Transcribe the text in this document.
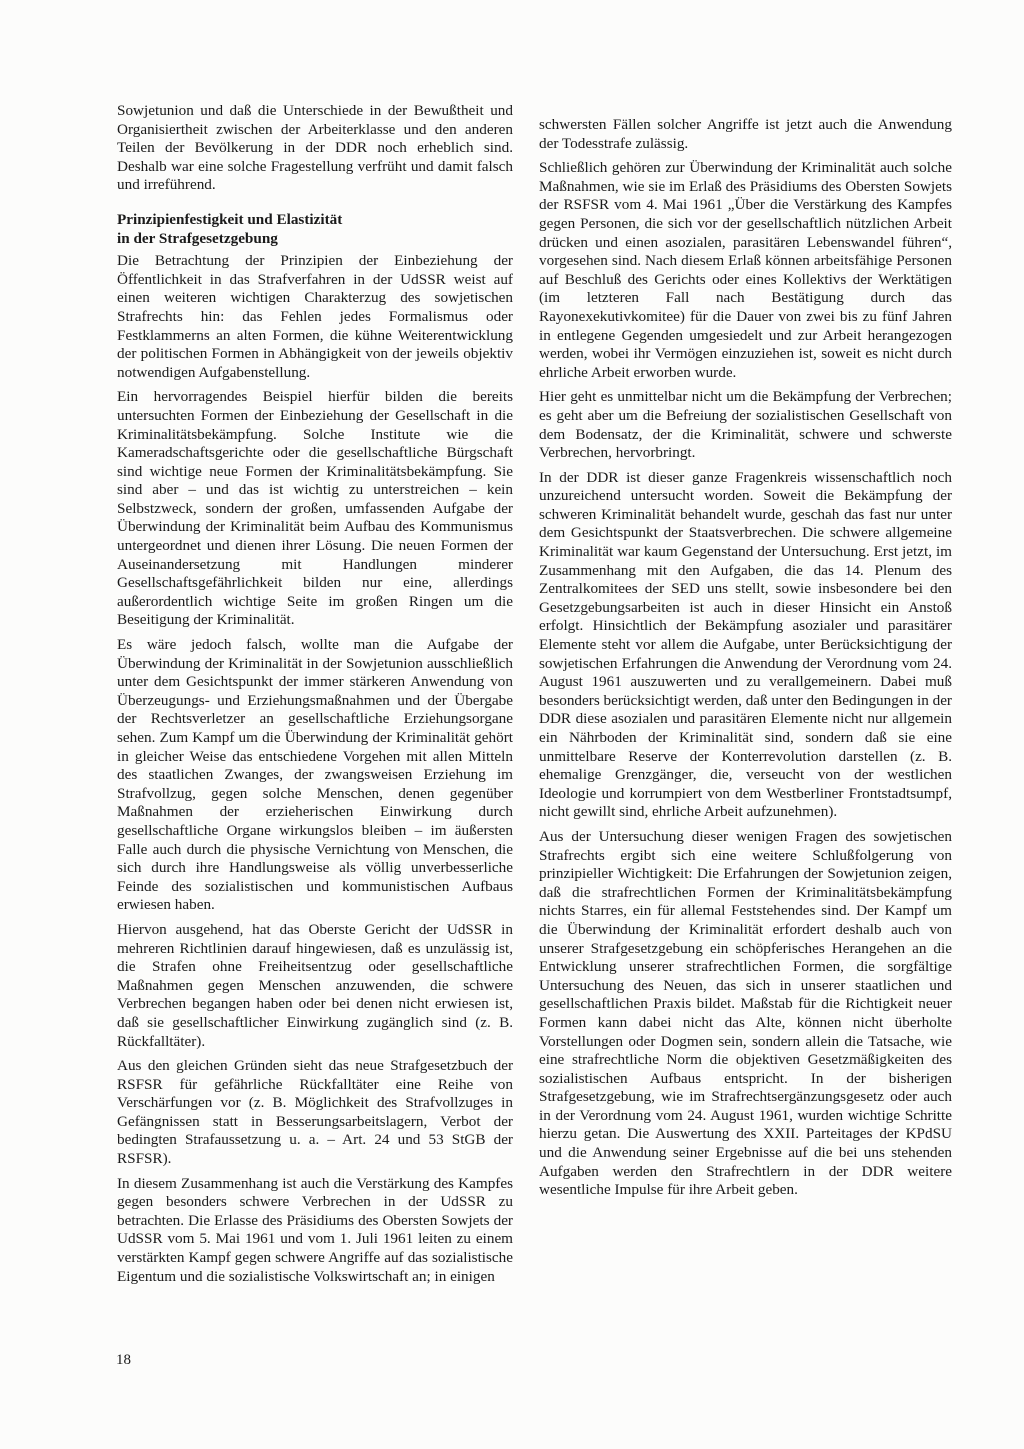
Sowjetunion und daß die Unterschiede in der Bewußtheit und Organisiertheit zwischen der Arbeiterklasse und den anderen Teilen der Bevölkerung in der DDR noch erheblich sind. Deshalb war eine solche Fragestellung verfrüht und damit falsch und irreführend.

Prinzipienfestigkeit und Elastizität
in der Strafgesetzgebung

Die Betrachtung der Prinzipien der Einbeziehung der Öffentlichkeit in das Strafverfahren in der UdSSR weist auf einen weiteren wichtigen Charakterzug des sowjetischen Strafrechts hin: das Fehlen jedes Formalismus oder Festklammerns an alten Formen, die kühne Weiterentwicklung der politischen Formen in Abhängigkeit von der jeweils objektiv notwendigen Aufgabenstellung.

Ein hervorragendes Beispiel hierfür bilden die bereits untersuchten Formen der Einbeziehung der Gesellschaft in die Kriminalitätsbekämpfung. Solche Institute wie die Kameradschaftsgerichte oder die gesellschaftliche Bürgschaft sind wichtige neue Formen der Kriminalitätsbekämpfung. Sie sind aber – und das ist wichtig zu unterstreichen – kein Selbstzweck, sondern der großen, umfassenden Aufgabe der Überwindung der Kriminalität beim Aufbau des Kommunismus untergeordnet und dienen ihrer Lösung. Die neuen Formen der Auseinandersetzung mit Handlungen minderer Gesellschaftsgefährlichkeit bilden nur eine, allerdings außerordentlich wichtige Seite im großen Ringen um die Beseitigung der Kriminalität.

Es wäre jedoch falsch, wollte man die Aufgabe der Überwindung der Kriminalität in der Sowjetunion ausschließlich unter dem Gesichtspunkt der immer stärkeren Anwendung von Überzeugungs- und Erziehungsmaßnahmen und der Übergabe der Rechtsverletzer an gesellschaftliche Erziehungsorgane sehen. Zum Kampf um die Überwindung der Kriminalität gehört in gleicher Weise das entschiedene Vorgehen mit allen Mitteln des staatlichen Zwanges, der zwangsweisen Erziehung im Strafvollzug, gegen solche Menschen, denen gegenüber Maßnahmen der erzieherischen Einwirkung durch gesellschaftliche Organe wirkungslos bleiben – im äußersten Falle auch durch die physische Vernichtung von Menschen, die sich durch ihre Handlungsweise als völlig unverbesserliche Feinde des sozialistischen und kommunistischen Aufbaus erwiesen haben.

Hiervon ausgehend, hat das Oberste Gericht der UdSSR in mehreren Richtlinien darauf hingewiesen, daß es unzulässig ist, die Strafen ohne Freiheitsentzug oder gesellschaftliche Maßnahmen gegen Menschen anzuwenden, die schwere Verbrechen begangen haben oder bei denen nicht erwiesen ist, daß sie gesellschaftlicher Einwirkung zugänglich sind (z. B. Rückfalltäter).

Aus den gleichen Gründen sieht das neue Strafgesetzbuch der RSFSR für gefährliche Rückfalltäter eine Reihe von Verschärfungen vor (z. B. Möglichkeit des Strafvollzuges in Gefängnissen statt in Besserungsarbeitslagern, Verbot der bedingten Strafaussetzung u. a. – Art. 24 und 53 StGB der RSFSR).

In diesem Zusammenhang ist auch die Verstärkung des Kampfes gegen besonders schwere Verbrechen in der UdSSR zu betrachten. Die Erlasse des Präsidiums des Obersten Sowjets der UdSSR vom 5. Mai 1961 und vom 1. Juli 1961 leiten zu einem verstärkten Kampf gegen schwere Angriffe auf das sozialistische Eigentum und die sozialistische Volkswirtschaft an; in einigen

schwersten Fällen solcher Angriffe ist jetzt auch die Anwendung der Todesstrafe zulässig.

Schließlich gehören zur Überwindung der Kriminalität auch solche Maßnahmen, wie sie im Erlaß des Präsidiums des Obersten Sowjets der RSFSR vom 4. Mai 1961 „Über die Verstärkung des Kampfes gegen Personen, die sich vor der gesellschaftlich nützlichen Arbeit drücken und einen asozialen, parasitären Lebenswandel führen“, vorgesehen sind. Nach diesem Erlaß können arbeitsfähige Personen auf Beschluß des Gerichts oder eines Kollektivs der Werktätigen (im letzteren Fall nach Bestätigung durch das Rayonexekutivkomitee) für die Dauer von zwei bis zu fünf Jahren in entlegene Gegenden umgesiedelt und zur Arbeit herangezogen werden, wobei ihr Vermögen einzuziehen ist, soweit es nicht durch ehrliche Arbeit erworben wurde.

Hier geht es unmittelbar nicht um die Bekämpfung der Verbrechen; es geht aber um die Befreiung der sozialistischen Gesellschaft von dem Bodensatz, der die Kriminalität, schwere und schwerste Verbrechen, hervorbringt.

In der DDR ist dieser ganze Fragenkreis wissenschaftlich noch unzureichend untersucht worden. Soweit die Bekämpfung der schweren Kriminalität behandelt wurde, geschah das fast nur unter dem Gesichtspunkt der Staatsverbrechen. Die schwere allgemeine Kriminalität war kaum Gegenstand der Untersuchung. Erst jetzt, im Zusammenhang mit den Aufgaben, die das 14. Plenum des Zentralkomitees der SED uns stellt, sowie insbesondere bei den Gesetzgebungsarbeiten ist auch in dieser Hinsicht ein Anstoß erfolgt. Hinsichtlich der Bekämpfung asozialer und parasitärer Elemente steht vor allem die Aufgabe, unter Berücksichtigung der sowjetischen Erfahrungen die Anwendung der Verordnung vom 24. August 1961 auszuwerten und zu verallgemeinern. Dabei muß besonders berücksichtigt werden, daß unter den Bedingungen in der DDR diese asozialen und parasitären Elemente nicht nur allgemein ein Nährboden der Kriminalität sind, sondern daß sie eine unmittelbare Reserve der Konterrevolution darstellen (z. B. ehemalige Grenzgänger, die, verseucht von der westlichen Ideologie und korrumpiert von dem Westberliner Frontstadtsumpf, nicht gewillt sind, ehrliche Arbeit aufzunehmen).

Aus der Untersuchung dieser wenigen Fragen des sowjetischen Strafrechts ergibt sich eine weitere Schlußfolgerung von prinzipieller Wichtigkeit: Die Erfahrungen der Sowjetunion zeigen, daß die strafrechtlichen Formen der Kriminalitätsbekämpfung nichts Starres, ein für allemal Feststehendes sind. Der Kampf um die Überwindung der Kriminalität erfordert deshalb auch von unserer Strafgesetzgebung ein schöpferisches Herangehen an die Entwicklung unserer strafrechtlichen Formen, die sorgfältige Untersuchung des Neuen, das sich in unserer staatlichen und gesellschaftlichen Praxis bildet. Maßstab für die Richtigkeit neuer Formen kann dabei nicht das Alte, können nicht überholte Vorstellungen oder Dogmen sein, sondern allein die Tatsache, wie eine strafrechtliche Norm die objektiven Gesetzmäßigkeiten des sozialistischen Aufbaus entspricht. In der bisherigen Strafgesetzgebung, wie im Strafrechtsergänzungsgesetz oder auch in der Verordnung vom 24. August 1961, wurden wichtige Schritte hierzu getan. Die Auswertung des XXII. Parteitages der KPdSU und die Anwendung seiner Ergebnisse auf die bei uns stehenden Aufgaben werden den Strafrechtlern in der DDR weitere wesentliche Impulse für ihre Arbeit geben.

18
